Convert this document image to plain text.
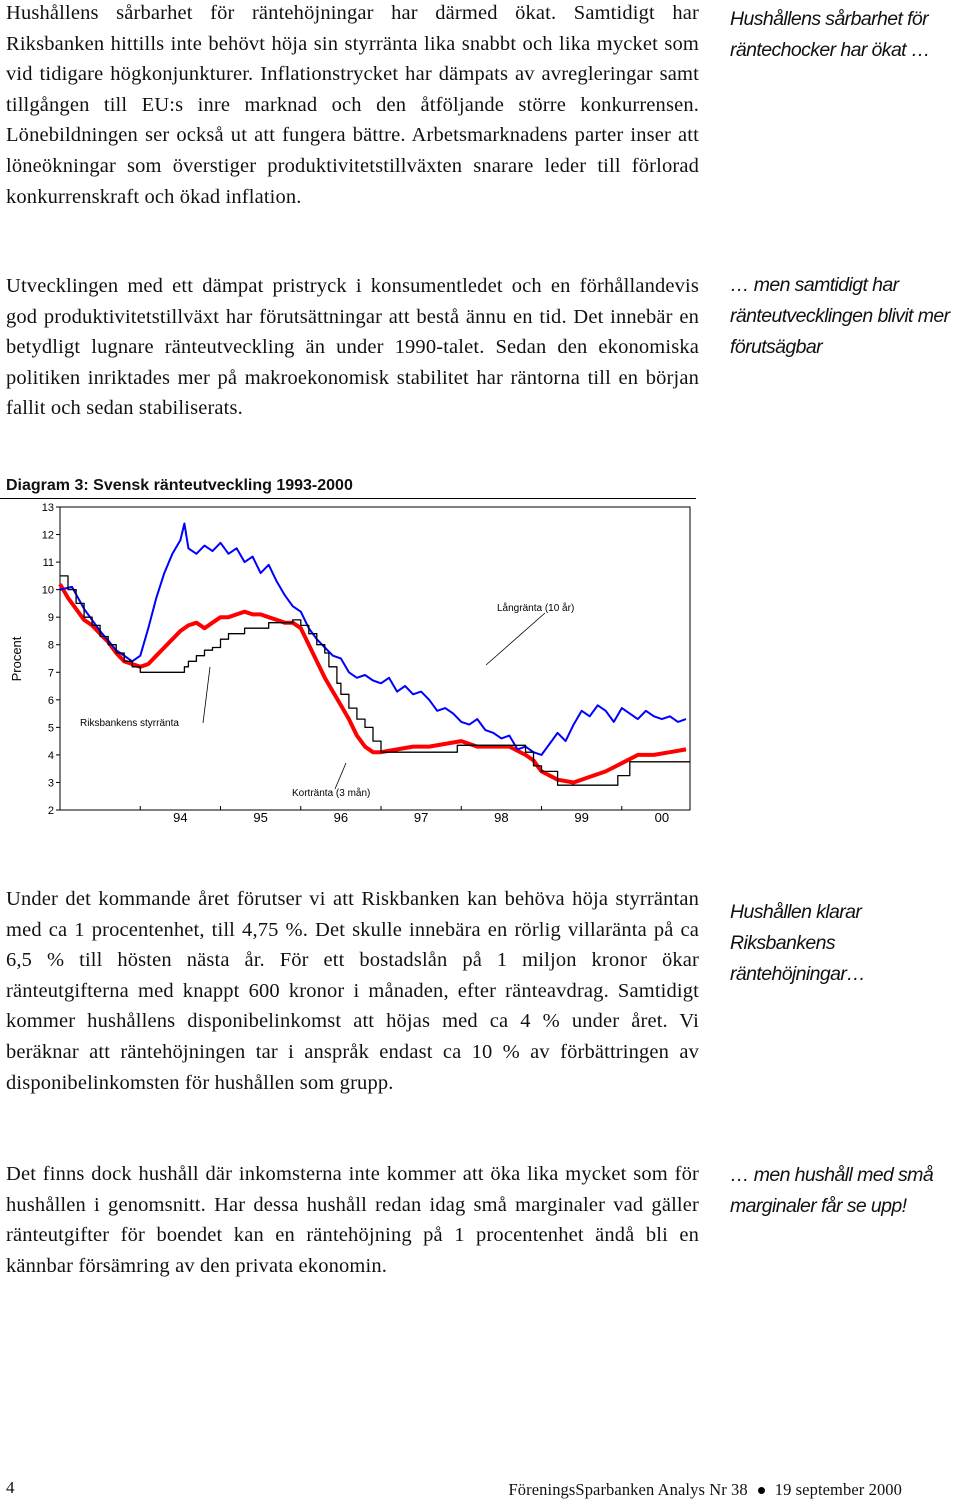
Hushållens sårbarhet för räntehöjningar har därmed ökat. Samtidigt har Riksbanken hittills inte behövt höja sin styrränta lika snabbt och lika mycket som vid tidigare högkonjunkturer. Inflationstrycket har dämpats av avregleringar samt tillgången till EU:s inre marknad och den åtföljande större konkurrensen. Lönebildningen ser också ut att fungera bättre. Arbetsmarknadens parter inser att löneökningar som överstiger produktivitetstillväxten snarare leder till förlorad konkurrenskraft och ökad inflation.

Utvecklingen med ett dämpat pristryck i konsumentledet och en förhållandevis god produktivitetstillväxt har förutsättningar att bestå ännu en tid. Det innebär en betydligt lugnare ränteutveckling än under 1990-talet. Sedan den ekonomiska politiken inriktades mer på makroekonomisk stabilitet har räntorna till en början fallit och sedan stabiliserats.

Under det kommande året förutser vi att Riskbanken kan behöva höja styrräntan med ca 1 procentenhet, till 4,75 %. Det skulle innebära en rörlig villaränta på ca 6,5 % till hösten nästa år. För ett bostadslån på 1 miljon kronor ökar ränteutgifterna med knappt 600 kronor i månaden, efter ränteavdrag. Samtidigt kommer hushållens disponibelinkomst att höjas med ca 4 % under året. Vi beräknar att räntehöjningen tar i anspråk endast ca 10 % av förbättringen av disponibelinkomsten för hushållen som grupp.

Det finns dock hushåll där inkomsterna inte kommer att öka lika mycket som för hushållen i genomsnitt. Har dessa hushåll redan idag små marginaler vad gäller ränteutgifter för boendet kan en räntehöjning på 1 procentenhet ändå bli en kännbar försämring av den privata ekonomin.

Hushållens sårbarhet för räntechocker har ökat …

… men samtidigt har ränteutvecklingen blivit mer förutsägbar

Hushållen klarar Riksbankens räntehöjningar…

… men hushåll med små marginaler får se upp!

Diagram 3: Svensk ränteutveckling 1993-2000
13
12
11
10
9
8
7
6
5
4
3
2	94	95	96	97	98	99	00
Procent
Långränta (10 år)
Riksbankens styrränta
Kortränta (3 mån)
4	FöreningsSparbanken Analys Nr 38 19 september 2000
